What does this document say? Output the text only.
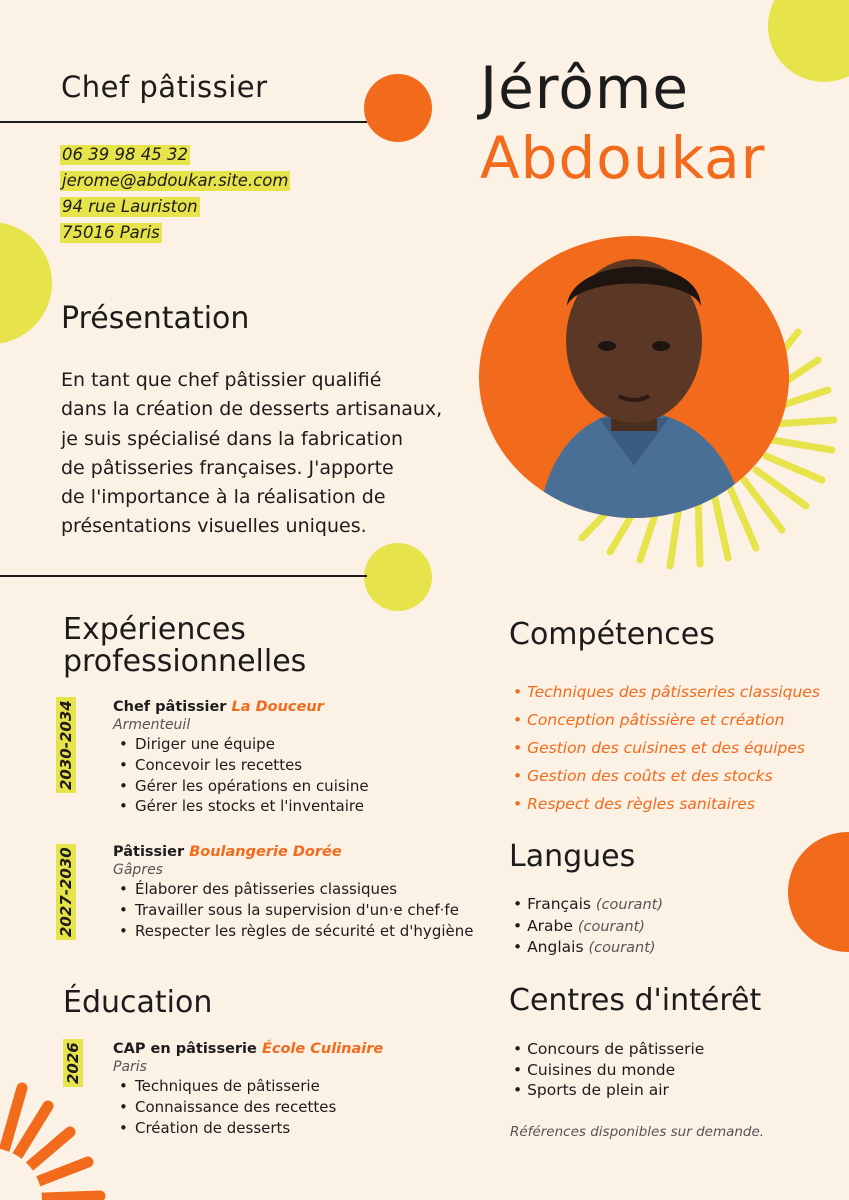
Chef pâtissier	Jérôme
Abdoukar
06 39 98 45 32
jerome@abdoukar.site.com
94 rue Lauriston
75016 Paris
Présentation
En tant que chef pâtissier qualifié
dans la création de desserts artisanaux,
je suis spécialisé dans la fabrication
de pâtisseries françaises. J'apporte
de l'importance à la réalisation de
présentations visuelles uniques.
Expériences
professionnelles
2030-2034	Chef pâtissier La Douceur
Armenteuil
• Diriger une équipe
• Concevoir les recettes
• Gérer les opérations en cuisine
• Gérer les stocks et l'inventaire
2027-2030	Pâtissier Boulangerie Dorée
Gâpres
• Élaborer des pâtisseries classiques
• Travailler sous la supervision d'un·e chef·fe
• Respecter les règles de sécurité et d'hygiène
Éducation
2026 CAP en pâtisserie École Culinaire
Paris
• Techniques de pâtisserie
• Connaissance des recettes
• Création de desserts
Compétences
• Techniques des pâtisseries classiques
• Conception pâtissière et création
• Gestion des cuisines et des équipes
• Gestion des coûts et des stocks
• Respect des règles sanitaires
Langues
• Français (courant)
• Arabe (courant)
• Anglais (courant)
Centres d'intérêt
• Concours de pâtisserie
• Cuisines du monde
• Sports de plein air
Références disponibles sur demande.
